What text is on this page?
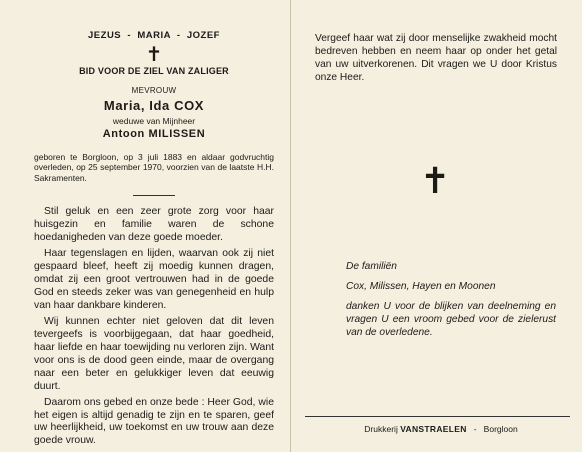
JEZUS  -  MARIA  -  JOZEF
✝
BID VOOR DE ZIEL VAN ZALIGER
MEVROUW
Maria, Ida COX
weduwe van Mijnheer
Antoon MILISSEN
geboren te Borgloon, op 3 juli 1883 en aldaar godvruchtig overleden, op 25 september 1970, voorzien van de laatste H.H. Sakramenten.

Stil geluk en een zeer grote zorg voor haar huisgezin en familie waren de schone hoedanigheden van deze goede moeder.

Haar tegenslagen en lijden, waarvan ook zij niet gespaard bleef, heeft zij moedig kunnen dragen, omdat zij een groot vertrouwen had in de goede God en steeds zeker was van genegenheid en hulp van haar dankbare kinderen.

Wij kunnen echter niet geloven dat dit leven tevergeefs is voorbijgegaan, dat haar goedheid, haar liefde en haar toewijding nu verloren zijn. Want voor ons is de dood geen einde, maar de overgang naar een beter en gelukkiger leven dat eeuwig duurt.

Daarom ons gebed en onze bede : Heer God, wie het eigen is altijd genadig te zijn en te sparen, geef uw heerlijkheid, uw toekomst en uw trouw aan deze goede vrouw.

Vergeef haar wat zij door menselijke zwakheid mocht bedreven hebben en neem haar op onder het getal van uw uitverkorenen. Dit vragen we U door Kristus onze Heer.
✝
De familiën
Cox, Milissen, Hayen en Moonen
danken U voor de blijken van deelneming en vragen U een vroom gebed voor de zielerust van de overledene.
Drukkerij VANSTRAELEN - Borgloon
